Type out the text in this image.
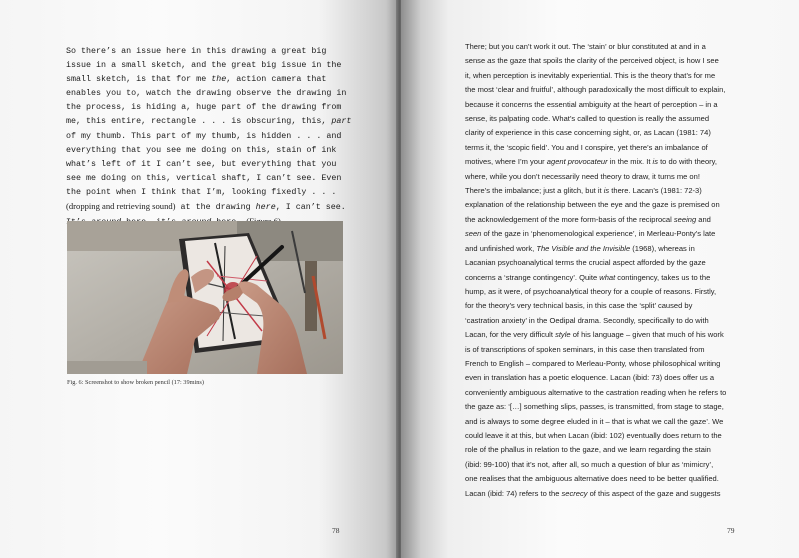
So there’s an issue here in this drawing a great big
issue in a small sketch, and the great big issue in the
small sketch, is that for me the, action camera that
enables you to, watch the drawing observe the drawing in
the process, is hiding a, huge part of the drawing from
me, this entire, rectangle . . . is obscuring, this, part
of my thumb. This part of my thumb, is hidden . . . and
everything that you see me doing on this, stain of ink
what’s left of it I can’t see, but everything that you
see me doing on this, vertical shaft, I can’t see. Even
the point when I think that I’m, looking fixedly . . .
(dropping and retrieving sound) at the drawing here, I can’t see.
Fig. 6: Screenshot to show broken pencil (17: 39mins)
78
There; but you can’t work it out. The ‘stain’ or blur constituted at and in a
sense as the gaze that spoils the clarity of the perceived object, is how I see
it, when perception is inevitably experiential. This is the theory that’s for me
the most ‘clear and fruitful’, although paradoxically the most difficult to explain,
because it concerns the essential ambiguity at the heart of perception – in a
sense, its palpating code. What’s called to question is really the assumed
clarity of experience in this case concerning sight, or, as Lacan (1981: 74)
terms it, the ‘scopic field’. You and I conspire, yet there’s an imbalance of
motives, where I’m your agent provocateur in the mix. It is to do with theory,
where, while you don’t necessarily need theory to draw, it turns me on!
There’s the imbalance; just a glitch, but it is there. Lacan’s (1981: 72-3)
explanation of the relationship between the eye and the gaze is premised on
the acknowledgement of the more form-basis of the reciprocal seeing and
seen of the gaze in ‘phenomenological experience’, in Merleau-Ponty’s late
and unfinished work, The Visible and the Invisible (1968), whereas in
Lacanian psychoanalytical terms the crucial aspect afforded by the gaze
concerns a ‘strange contingency’. Quite what contingency, takes us to the
hump, as it were, of psychoanalytical theory for a couple of reasons. Firstly,
for the theory’s very technical basis, in this case the ‘split’ caused by
‘castration anxiety’ in the Oedipal drama. Secondly, specifically to do with
Lacan, for the very difficult style of his language – given that much of his work
is of transcriptions of spoken seminars, in this case then translated from
French to English – compared to Merleau-Ponty, whose philosophical writing
even in translation has a poetic eloquence. Lacan (ibid: 73) does offer us a
conveniently ambiguous alternative to the castration reading when he refers to
the gaze as: ‘[…] something slips, passes, is transmitted, from stage to stage,
and is always to some degree eluded in it – that is what we call the gaze’. We
could leave it at this, but when Lacan (ibid: 102) eventually does return to the
role of the phallus in relation to the gaze, and we learn regarding the stain
(ibid: 99-100) that it’s not, after all, so much a question of blur as ‘mimicry’,
one realises that the ambiguous alternative does need to be better qualified.
Lacan (ibid: 74) refers to the secrecy of this aspect of the gaze and suggests
79
